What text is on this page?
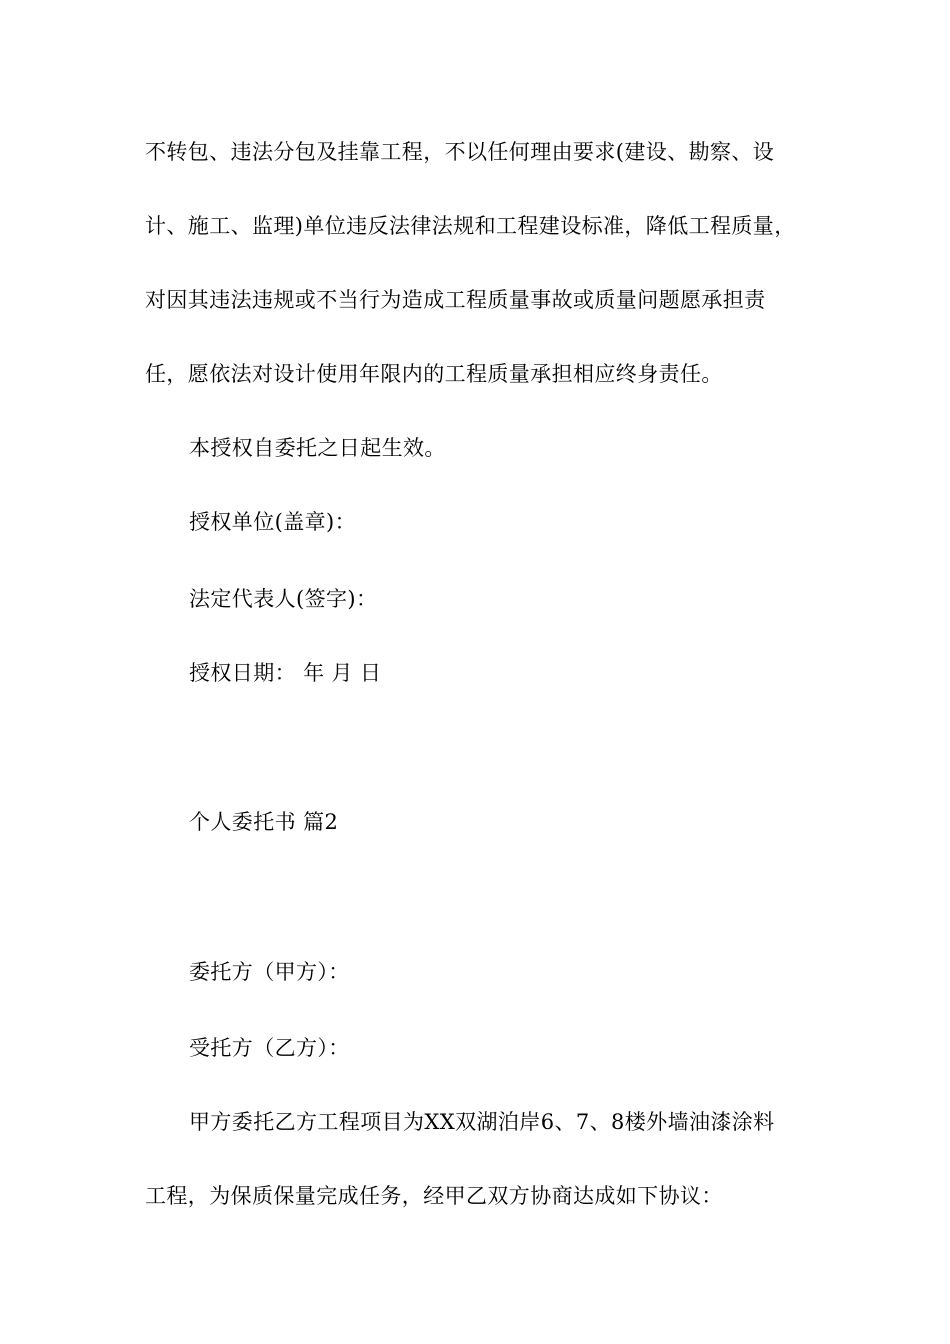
不转包、违法分包及挂靠工程，不以任何理由要求(建设、勘察、设
计、施工、监理)单位违反法律法规和工程建设标准，降低工程质量，
对因其违法违规或不当行为造成工程质量事故或质量问题愿承担责
任，愿依法对设计使用年限内的工程质量承担相应终身责任。
本授权自委托之日起生效。
授权单位(盖章)：
法定代表人(签字)：
授权日期： 年 月 日
个人委托书 篇2
委托方（甲方）：
受托方（乙方）：
甲方委托乙方工程项目为XX双湖泊岸6、7、8楼外墙油漆涂料
工程，为保质保量完成任务，经甲乙双方协商达成如下协议：
